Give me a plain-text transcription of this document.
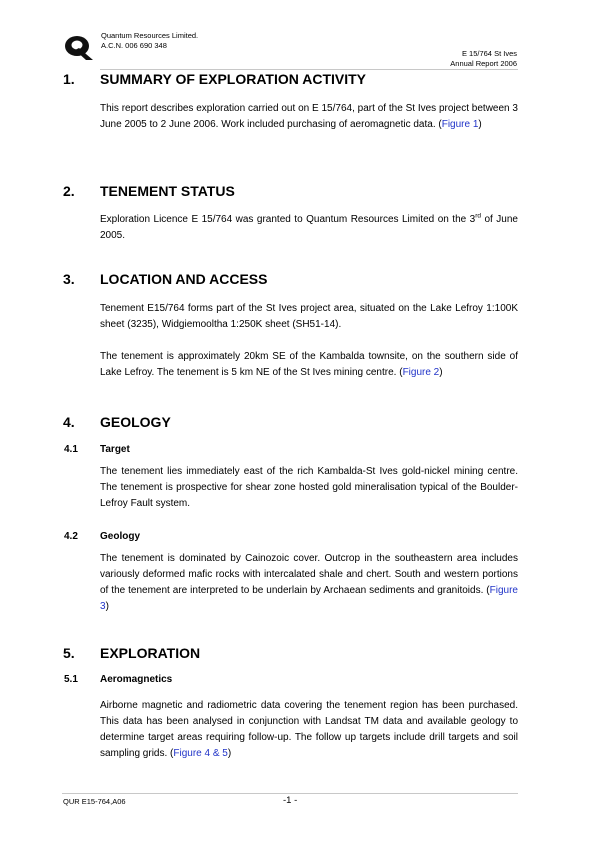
Quantum Resources Limited.
A.C.N. 006 690 348
E 15/764 St Ives
Annual Report 2006
1. SUMMARY OF EXPLORATION ACTIVITY

This report describes exploration carried out on E 15/764, part of the St Ives project between 3 June 2005 to 2 June 2006. Work included purchasing of aeromagnetic data. (Figure 1)

2. TENEMENT STATUS

Exploration Licence E 15/764 was granted to Quantum Resources Limited on the 3rd of June 2005.

3. LOCATION AND ACCESS

Tenement E15/764 forms part of the St Ives project area, situated on the Lake Lefroy 1:100K sheet (3235), Widgiemooltha 1:250K sheet (SH51-14).

The tenement is approximately 20km SE of the Kambalda townsite, on the southern side of Lake Lefroy. The tenement is 5 km NE of the St Ives mining centre. (Figure 2)

4. GEOLOGY
4.1 Target

The tenement lies immediately east of the rich Kambalda-St Ives gold-nickel mining centre. The tenement is prospective for shear zone hosted gold mineralisation typical of the Boulder-Lefroy Fault system.

4.2 Geology

The tenement is dominated by Cainozoic cover. Outcrop in the southeastern area includes variously deformed mafic rocks with intercalated shale and chert. South and western portions of the tenement are interpreted to be underlain by Archaean sediments and granitoids. (Figure 3)

5. EXPLORATION
5.1 Aeromagnetics

Airborne magnetic and radiometric data covering the tenement region has been purchased. This data has been analysed in conjunction with Landsat TM data and available geology to determine target areas requiring follow-up. The follow up targets include drill targets and soil sampling grids. (Figure 4 & 5)

QUR E15-764,A06	-1 -
